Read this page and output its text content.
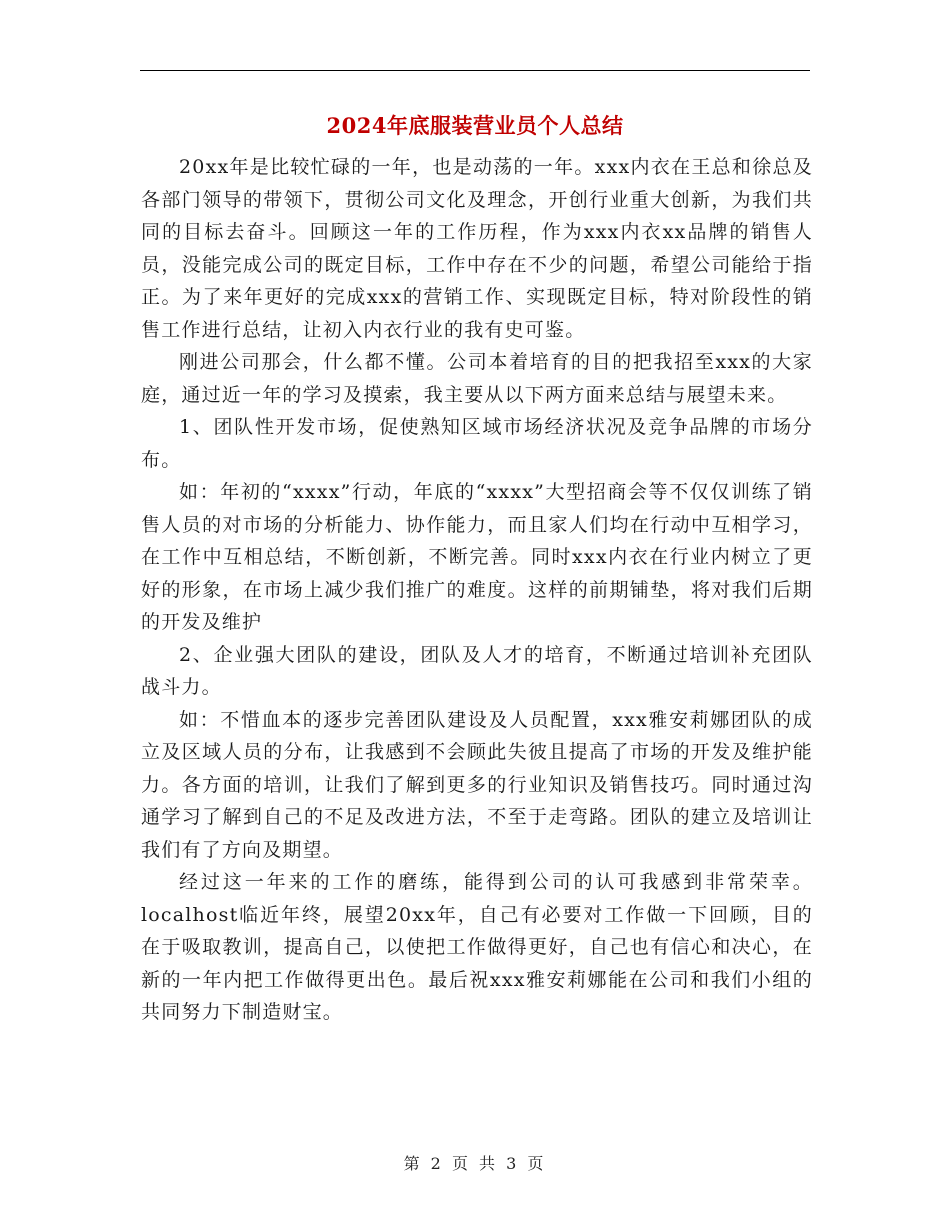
2024年底服装营业员个人总结

20xx年是比较忙碌的一年，也是动荡的一年。xxx内衣在王总和徐总及各部门领导的带领下，贯彻公司文化及理念，开创行业重大创新，为我们共同的目标去奋斗。回顾这一年的工作历程，作为xxx内衣xx品牌的销售人员，没能完成公司的既定目标，工作中存在不少的问题，希望公司能给于指正。为了来年更好的完成xxx的营销工作、实现既定目标，特对阶段性的销售工作进行总结，让初入内衣行业的我有史可鉴。

刚进公司那会，什么都不懂。公司本着培育的目的把我招至xxx的大家庭，通过近一年的学习及摸索，我主要从以下两方面来总结与展望未来。

1、团队性开发市场，促使熟知区域市场经济状况及竞争品牌的市场分布。

如：年初的“xxxx”行动，年底的“xxxx”大型招商会等不仅仅训练了销售人员的对市场的分析能力、协作能力，而且家人们均在行动中互相学习，在工作中互相总结，不断创新，不断完善。同时xxx内衣在行业内树立了更好的形象，在市场上减少我们推广的难度。这样的前期铺垫，将对我们后期的开发及维护

2、企业强大团队的建设，团队及人才的培育，不断通过培训补充团队战斗力。

如：不惜血本的逐步完善团队建设及人员配置，xxx雅安莉娜团队的成立及区域人员的分布，让我感到不会顾此失彼且提高了市场的开发及维护能力。各方面的培训，让我们了解到更多的行业知识及销售技巧。同时通过沟通学习了解到自己的不足及改进方法，不至于走弯路。团队的建立及培训让我们有了方向及期望。

经过这一年来的工作的磨练，能得到公司的认可我感到非常荣幸。localhost临近年终，展望20xx年，自己有必要对工作做一下回顾，目的在于吸取教训，提高自己，以使把工作做得更好，自己也有信心和决心，在新的一年内把工作做得更出色。最后祝xxx雅安莉娜能在公司和我们小组的共同努力下制造财宝。

第 2 页 共 3 页
